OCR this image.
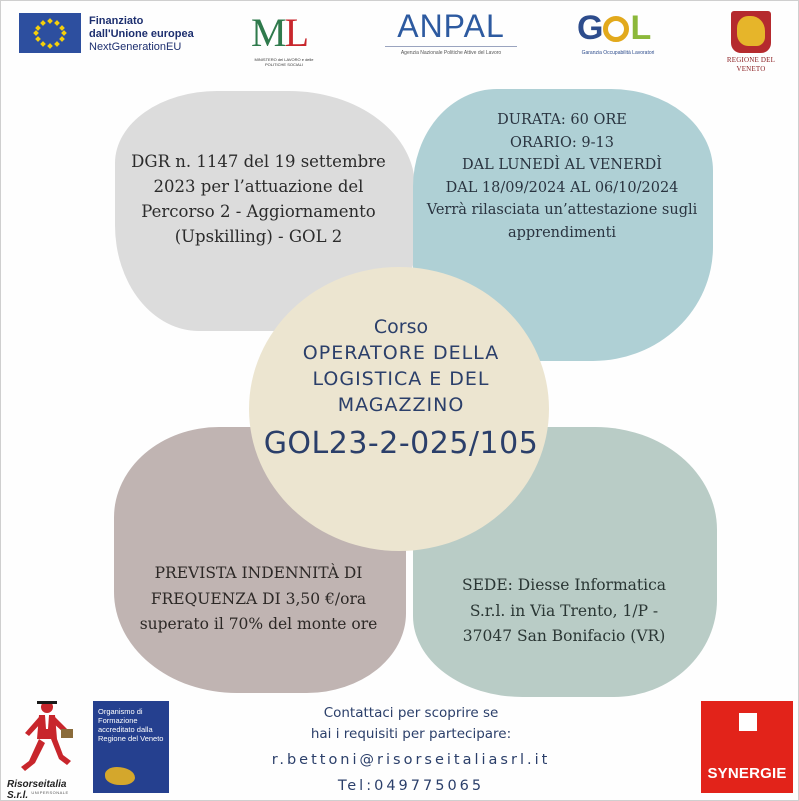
Finanziato
dall'Unione europea
NextGenerationEU	ML
MINISTERO del LAVORO e delle POLITICHE SOCIALI
ANPAL
Agenzia Nazionale Politiche Attive del Lavoro
G L
Garanzia Occupabilità Lavoratori
REGIONE DEL VENETO
DGR n. 1147 del 19 settembre
2023 per l’attuazione del
Percorso 2 - Aggiornamento
(Upskilling) - GOL 2
DURATA: 60 ORE
ORARIO: 9-13
DAL LUNEDÌ AL VENERDÌ
DAL 18/09/2024 AL 06/10/2024
Verrà rilasciata un’attestazione sugli
apprendimenti
PREVISTA INDENNITÀ DI
FREQUENZA DI 3,50 €/ora
superato il 70% del monte ore
SEDE: Diesse Informatica
S.r.l. in Via Trento, 1/P -
37047 San Bonifacio (VR)
Corso
OPERATORE DELLA
LOGISTICA E DEL
MAGAZZINO
GOL23-2-025/105
Contattaci per scoprire se
hai i requisiti per partecipare:
r.bettoni@risorseitaliasrl.it
Tel:049775065
Risorseitalia S.r.l. UNIPERSONALE
Organismo di Formazione accreditato dalla Regione del Veneto
SYNERGIE
